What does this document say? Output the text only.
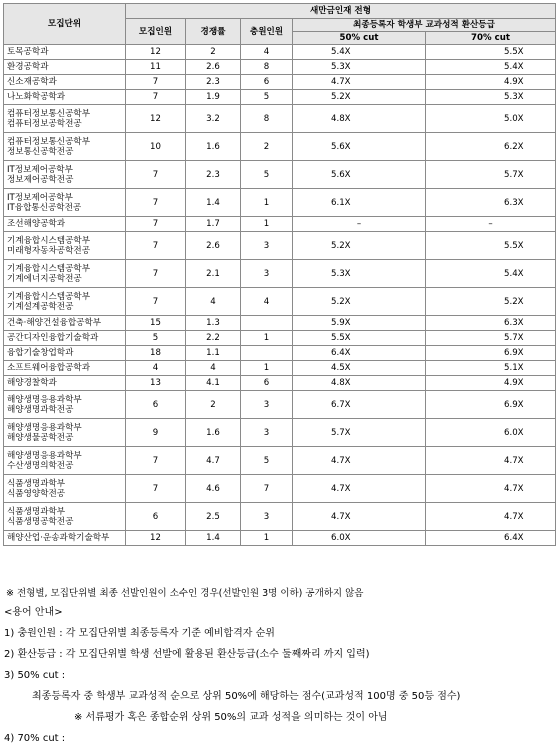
모집단위	새만금인재 전형				
	모집인원	경쟁률	충원인원	최종등록자 학생부 교과성적 환산등급	
				50% cut	70% cut
토목공학과	12	2	4	5.4X	5.5X
환경공학과	11	2.6	8	5.3X	5.4X
신소재공학과	7	2.3	6	4.7X	4.9X
나노화학공학과	7	1.9	5	5.2X	5.3X
컴퓨터정보통신공학부
컴퓨터정보공학전공	12	3.2	8	4.8X	5.0X
컴퓨터정보통신공학부
정보통신공학전공	10	1.6	2	5.6X	6.2X
IT정보제어공학부
정보제어공학전공	7	2.3	5	5.6X	5.7X
IT정보제어공학부
IT융합통신공학전공	7	1.4	1	6.1X	6.3X
조선해양공학과	7	1.7	1	–	–
기계융합시스템공학부
미래형자동차공학전공	7	2.6	3	5.2X	5.5X
기계융합시스템공학부
기계에너지공학전공	7	2.1	3	5.3X	5.4X
기계융합시스템공학부
기계설계공학전공	7	4	4	5.2X	5.2X
건축·해양건설융합공학부	15	1.3		5.9X	6.3X
공간디자인융합기술학과	5	2.2	1	5.5X	5.7X
융합기술창업학과	18	1.1		6.4X	6.9X
소프트웨어융합공학과	4	4	1	4.5X	5.1X
해양경찰학과	13	4.1	6	4.8X	4.9X
해양생명응용과학부
해양생명과학전공	6	2	3	6.7X	6.9X
해양생명응용과학부
해양생물공학전공	9	1.6	3	5.7X	6.0X
해양생명응용과학부
수산생명의학전공	7	4.7	5	4.7X	4.7X
식품생명과학부
식품영양학전공	7	4.6	7	4.7X	4.7X
식품생명과학부
식품생명공학전공	6	2.5	3	4.7X	4.7X
해양산업·운송과학기술학부	12	1.4	1	6.0X	6.4X
※ 전형별, 모집단위별 최종 선발인원이 소수인 경우(선발인원 3명 이하) 공개하지 않음
<용어 안내>
1) 충원인원 : 각 모집단위별 최종등록자 기준 예비합격자 순위
2) 환산등급 : 각 모집단위별 학생 선발에 활용된 환산등급(소수 둘째짜리 까지 입력)
3) 50% cut :
최종등록자 중 학생부 교과성적 순으로 상위 50%에 해당하는 점수(교과성적 100명 중 50등 점수)
※ 서류평가 혹은 종합순위 상위 50%의 교과 성적을 의미하는 것이 아님
4) 70% cut :
